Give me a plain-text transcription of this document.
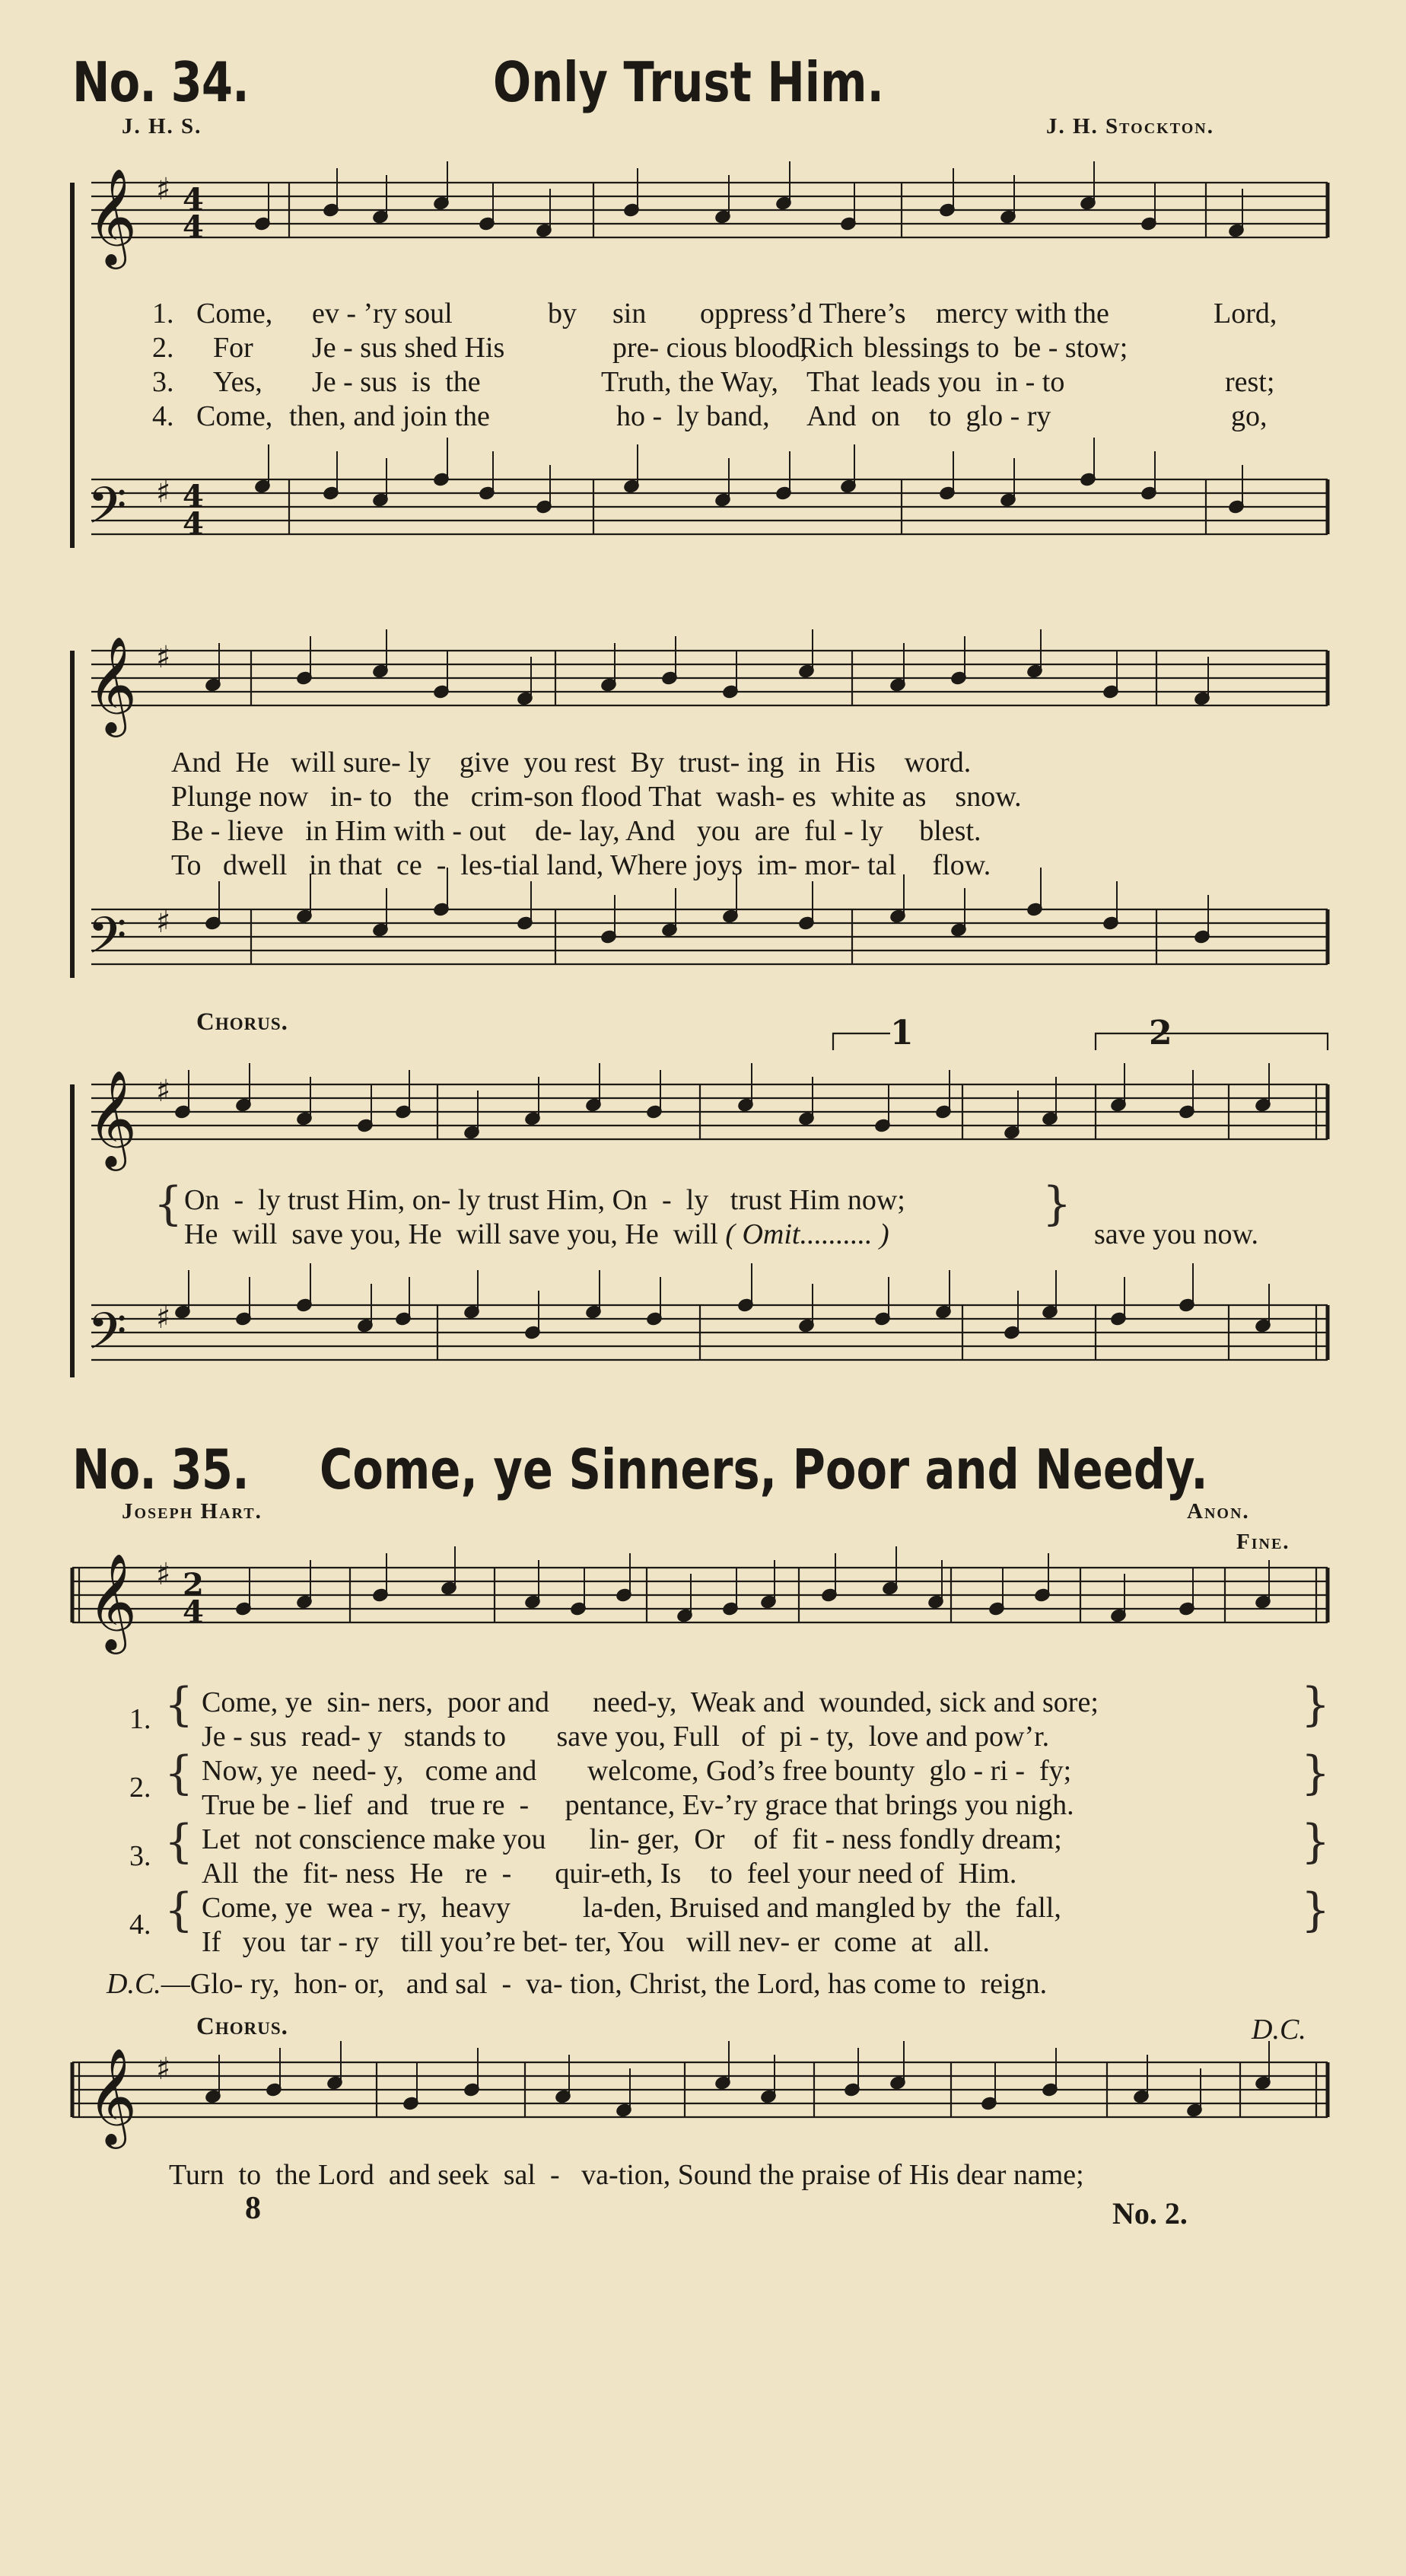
No. 34.	Only Trust Him.
J. H. S.	J. H. Stockton.
𝄞
𝄢
𝄞
𝄢
𝄞
𝄢
𝄞
𝄞
♯
♯
♯
♯
♯
♯
♯
♯
4
4
4
4
2
4
1	2

1. Come, ev - ’ry soul	by sin oppress’d There’s mercy with the	Lord,

2. For Je - sus shed His	pre- cious blood,
Rich blessings to  be - stow;

3. Yes, Je - sus  is  the	Truth, the Way, That leads you  in - to	rest;

4. Come, then, and join the	ho -  ly band, And on    to  glo - ry	go,

And  He   will sure- ly    give  you rest  By  trust- ing  in  His    word.

Plunge now   in- to   the   crim-son flood That  wash- es  white as    snow.

Be - lieve   in Him with - out    de- lay, And   you  are  ful - ly     blest.

To   dwell   in that  ce  -  les-tial land, Where joys  im- mor- tal     flow.

Chorus.

{

On  -  ly trust Him, on- ly trust Him, On  -  ly   trust Him now;

He  will  save you, He  will save you, He  will ( Omit.......... )

}

save you now.

No. 35. Come, ye Sinners, Poor and Needy.
Joseph Hart.	Anon.
Fine.

1.

{

Come, ye  sin- ners,  poor and      need-y,  Weak and  wounded, sick and sore;

Je - sus  read- y   stands to       save you, Full   of  pi - ty,  love and pow’r.

}

2.

{

Now, ye  need- y,   come and       welcome, God’s free bounty  glo - ri -  fy;

True be - lief  and   true re  -     pentance, Ev-’ry grace that brings you nigh.

}

3.

{

Let  not conscience make you      lin- ger,  Or    of  fit - ness fondly dream;

All  the  fit- ness  He   re  -      quir-eth, Is    to  feel your need of  Him.

}

4.

{

Come, ye  wea - ry,  heavy          la-den, Bruised and mangled by  the  fall,

If   you  tar - ry   till you’re bet- ter, You   will nev- er  come  at   all.

}

D.C.—Glo- ry,  hon- or,   and sal  -  va- tion, Christ, the Lord, has come to  reign.

Chorus.	D.C.
Turn  to  the Lord  and seek  sal  -   va-tion, Sound the praise of His dear name;
8	No. 2.
